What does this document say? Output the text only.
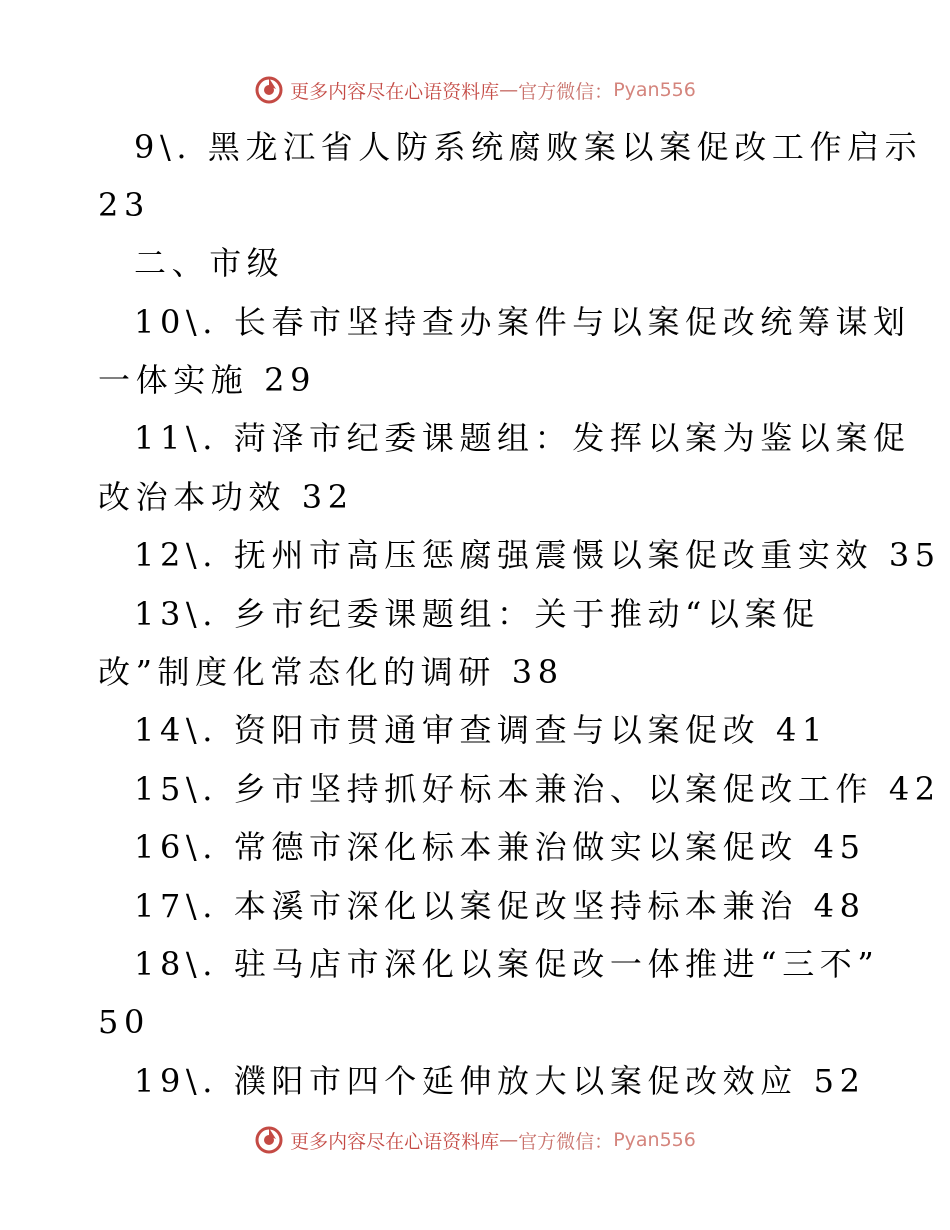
更多内容尽在心语资料库 — 官方微信： Pyan556
9\. 黑龙江省人防系统腐败案以案促改工作启示
23
二、市级
10\. 长春市坚持查办案件与以案促改统筹谋划
一体实施 29
11\. 菏泽市纪委课题组：发挥以案为鉴以案促
改治本功效 32
12\. 抚州市高压惩腐强震慑以案促改重实效 35
13\. 乡市纪委课题组：关于推动“以案促
改”制度化常态化的调研 38
14\. 资阳市贯通审查调查与以案促改 41
15\. 乡市坚持抓好标本兼治、以案促改工作 42
16\. 常德市深化标本兼治做实以案促改 45
17\. 本溪市深化以案促改坚持标本兼治 48
18\. 驻马店市深化以案促改一体推进“三不”
50
19\. 濮阳市四个延伸放大以案促改效应 52
更多内容尽在心语资料库 — 官方微信： Pyan556
